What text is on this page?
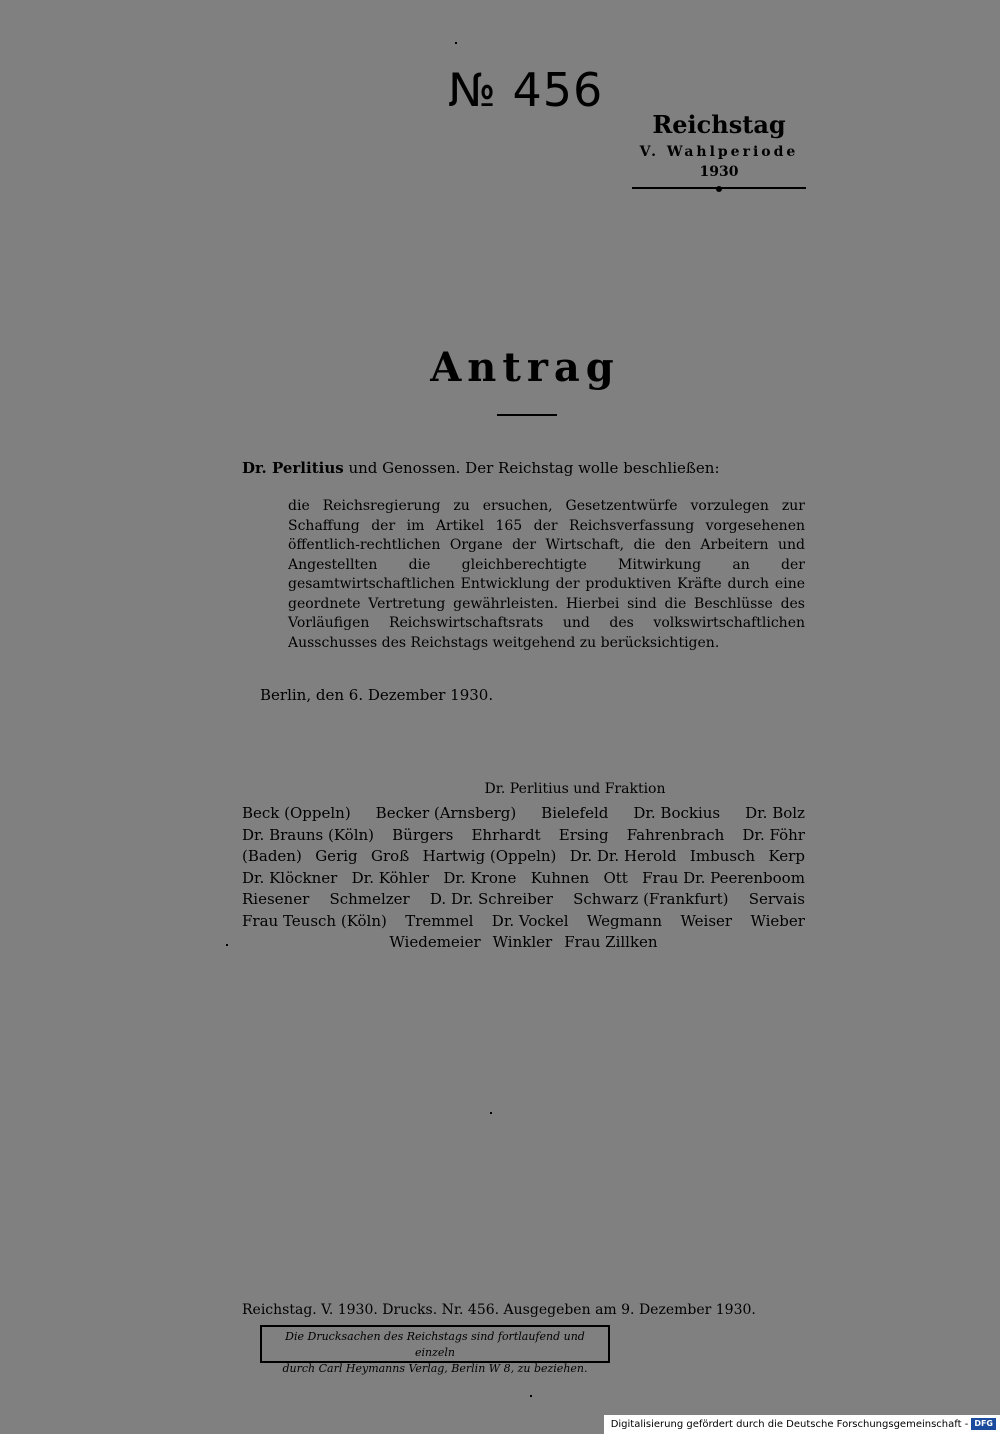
№ 456
Reichstag
V. Wahlperiode
1930
Antrag
Dr. Perlitius und Genossen. Der Reichstag wolle beschließen:
die Reichsregierung zu ersuchen, Gesetzentwürfe vorzulegen zur Schaffung der im Artikel 165 der Reichsverfassung vorgesehenen öffentlich-rechtlichen Organe der Wirtschaft, die den Arbeitern und Angestellten die gleichberechtigte Mitwirkung an der gesamtwirtschaftlichen Entwicklung der produktiven Kräfte durch eine geordnete Vertretung gewährleisten. Hierbei sind die Beschlüsse des Vorläufigen Reichswirtschaftsrats und des volkswirtschaftlichen Ausschusses des Reichstags weitgehend zu berücksichtigen.
Berlin, den 6. Dezember 1930.
Dr. Perlitius und Fraktion
Beck (Oppeln) Becker (Arnsberg) Bielefeld Dr. Bockius Dr. Bolz
Dr. Brauns (Köln) Bürgers Ehrhardt Ersing Fahrenbrach Dr. Föhr
(Baden) Gerig Groß Hartwig (Oppeln) Dr. Dr. Herold Imbusch Kerp
Dr. Klöckner Dr. Köhler Dr. Krone Kuhnen Ott Frau Dr. Peerenboom
Riesener Schmelzer D. Dr. Schreiber Schwarz (Frankfurt) Servais
Frau Teusch (Köln) Tremmel Dr. Vockel Wegmann Weiser Wieber
Wiedemeier Winkler Frau Zillken
Reichstag. V. 1930. Drucks. Nr. 456. Ausgegeben am 9. Dezember 1930.
Die Drucksachen des Reichstags sind fortlaufend und einzeln
durch Carl Heymanns Verlag, Berlin W 8, zu beziehen.
Digitalisierung gefördert durch die Deutsche Forschungsgemeinschaft - DFG
